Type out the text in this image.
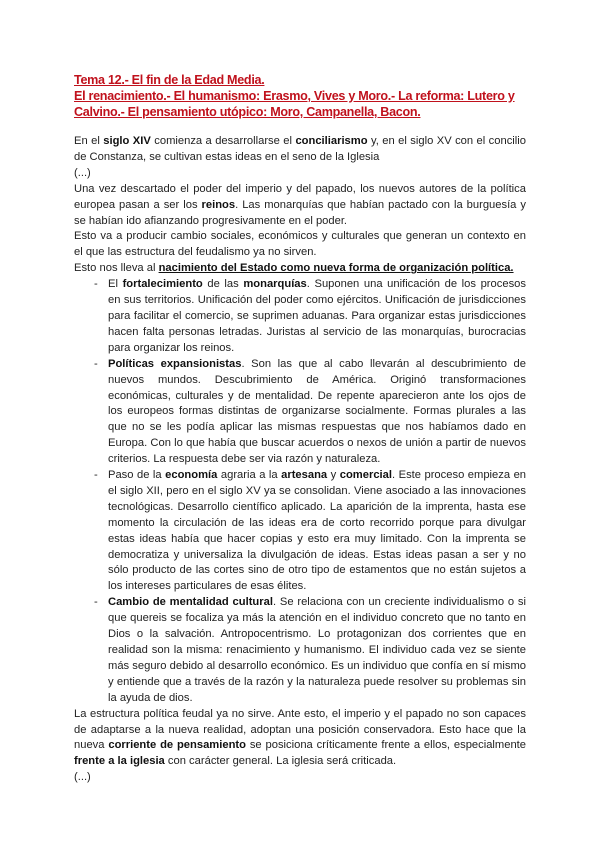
Tema 12.- El fin de la Edad Media.
El renacimiento.- El humanismo: Erasmo, Vives y Moro.- La reforma: Lutero y
Calvino.- El pensamiento utópico: Moro, Campanella, Bacon.

En el siglo XIV comienza a desarrollarse el conciliarismo y, en el siglo XV con el concilio de Constanza, se cultivan estas ideas en el seno de la Iglesia

(...)

Una vez descartado el poder del imperio y del papado, los nuevos autores de la política europea pasan a ser los reinos. Las monarquías que habían pactado con la burguesía y se habían ido afianzando progresivamente en el poder.

Esto va a producir cambio sociales, económicos y culturales que generan un contexto en el que las estructura del feudalismo ya no sirven.

Esto nos lleva al nacimiento del Estado como nueva forma de organización política.

- El fortalecimiento de las monarquías. Suponen una unificación de los procesos en sus territorios. Unificación del poder como ejércitos. Unificación de jurisdicciones para facilitar el comercio, se suprimen aduanas. Para organizar estas jurisdicciones hacen falta personas letradas. Juristas al servicio de las monarquías, burocracias para organizar los reinos.
- Políticas expansionistas. Son las que al cabo llevarán al descubrimiento de nuevos mundos. Descubrimiento de América. Originó transformaciones económicas, culturales y de mentalidad. De repente aparecieron ante los ojos de los europeos formas distintas de organizarse socialmente. Formas plurales a las que no se les podía aplicar las mismas respuestas que nos habíamos dado en Europa. Con lo que había que buscar acuerdos o nexos de unión a partir de nuevos criterios. La respuesta debe ser via razón y naturaleza.
- Paso de la economía agraria a la artesana y comercial. Este proceso empieza en el siglo XII, pero en el siglo XV ya se consolidan. Viene asociado a las innovaciones tecnológicas. Desarrollo científico aplicado. La aparición de la imprenta, hasta ese momento la circulación de las ideas era de corto recorrido porque para divulgar estas ideas había que hacer copias y esto era muy limitado. Con la imprenta se democratiza y universaliza la divulgación de ideas. Estas ideas pasan a ser y no sólo producto de las cortes sino de otro tipo de estamentos que no están sujetos a los intereses particulares de esas élites.
- Cambio de mentalidad cultural. Se relaciona con un creciente individualismo o si que quereis se focaliza ya más la atención en el individuo concreto que no tanto en Dios o la salvación. Antropocentrismo. Lo protagonizan dos corrientes que en realidad son la misma: renacimiento y humanismo. El individuo cada vez se siente más seguro debido al desarrollo económico. Es un individuo que confía en sí mismo y entiende que a través de la razón y la naturaleza puede resolver su problemas sin la ayuda de dios.

La estructura política feudal ya no sirve. Ante esto, el imperio y el papado no son capaces de adaptarse a la nueva realidad, adoptan una posición conservadora. Esto hace que la nueva corriente de pensamiento se posiciona críticamente frente a ellos, especialmente frente a la iglesia con carácter general. La iglesia será criticada.

(...)
